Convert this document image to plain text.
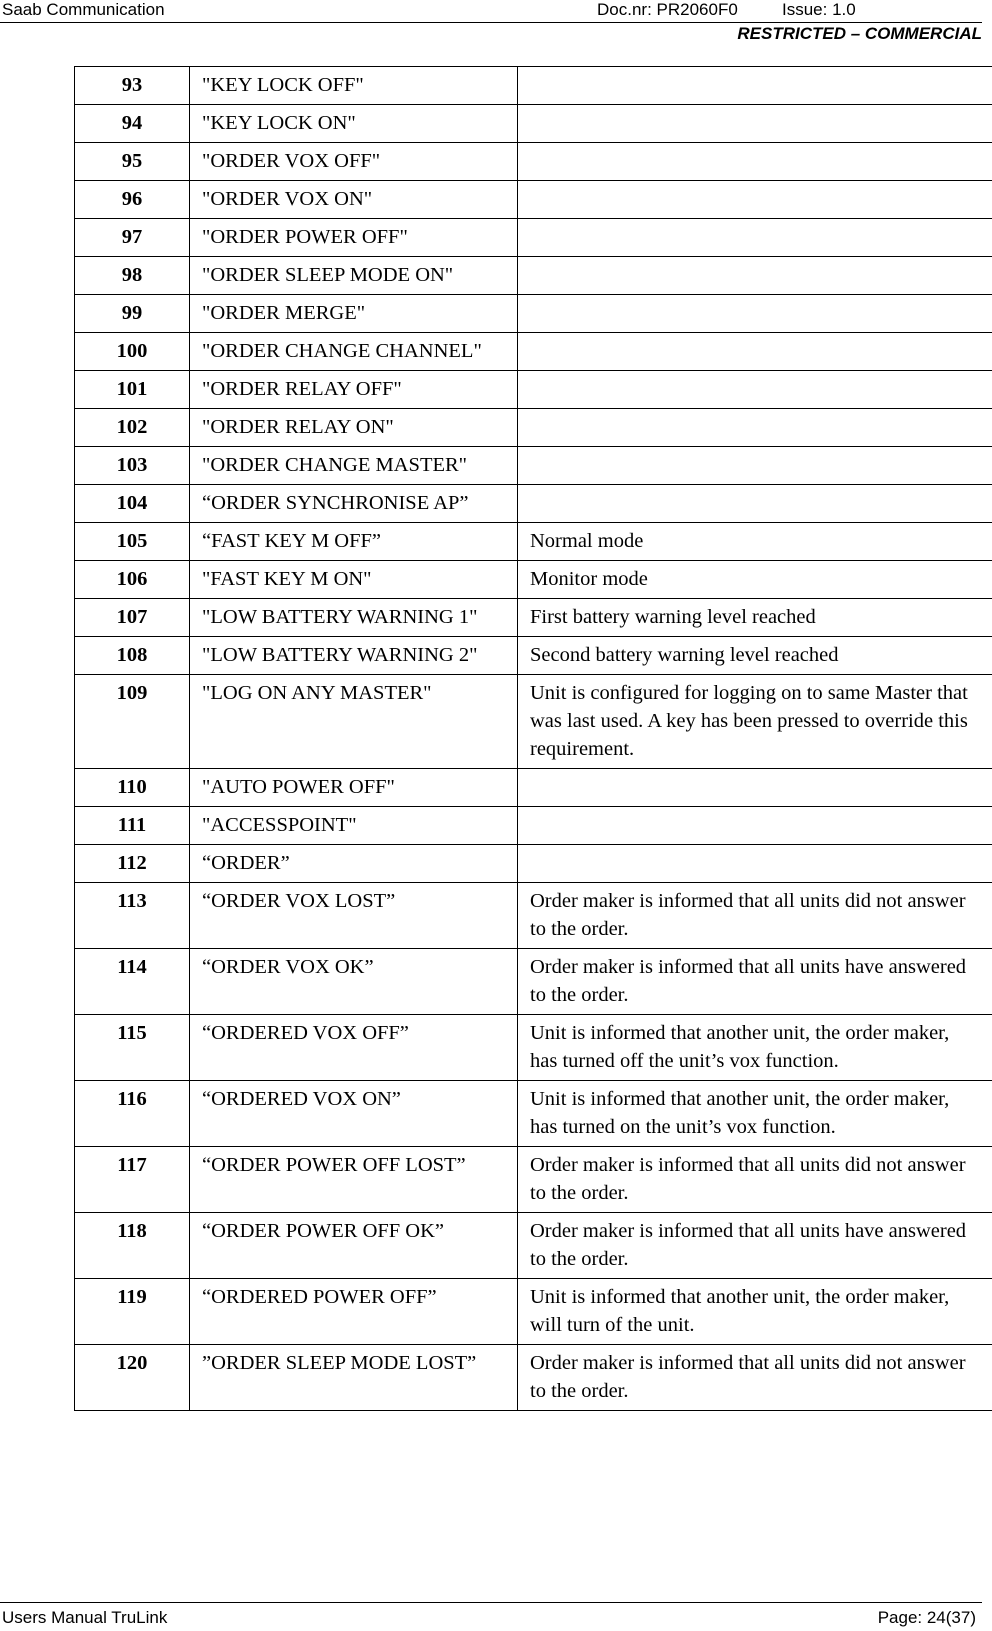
Saab Communication	Doc.nr: PR2060F0	Issue: 1.0
RESTRICTED – COMMERCIAL
93	"KEY LOCK OFF"	
94	"KEY LOCK ON"	
95	"ORDER VOX OFF"	
96	"ORDER VOX ON"	
97	"ORDER POWER OFF"	
98	"ORDER SLEEP MODE ON"	
99	"ORDER MERGE"	
100	"ORDER CHANGE CHANNEL"	
101	"ORDER RELAY OFF"	
102	"ORDER RELAY ON"	
103	"ORDER CHANGE MASTER"	
104	“ORDER SYNCHRONISE AP”	
105	“FAST KEY M OFF”	Normal mode
106	"FAST KEY M ON"	Monitor mode
107	"LOW BATTERY WARNING 1"	First battery warning level reached
108	"LOW BATTERY WARNING 2"	Second battery warning level reached
109	"LOG ON ANY MASTER"	Unit is configured for logging on to same Master that was last used. A key has been pressed to override this requirement.
110	"AUTO POWER OFF"	
111	"ACCESSPOINT"	
112	“ORDER”	
113	“ORDER VOX LOST”	Order maker is informed that all units did not answer to the order.
114	“ORDER VOX OK”	Order maker is informed that all units have answered to the order.
115	“ORDERED VOX OFF”	Unit is informed that another unit, the order maker, has turned off the unit’s vox function.
116	“ORDERED VOX ON”	Unit is informed that another unit, the order maker, has turned on the unit’s vox function.
117	“ORDER POWER OFF LOST”	Order maker is informed that all units did not answer to the order.
118	“ORDER POWER OFF OK”	Order maker is informed that all units have answered to the order.
119	“ORDERED POWER OFF”	Unit is informed that another unit, the order maker, will turn of the unit.
120	”ORDER SLEEP MODE LOST”	Order maker is informed that all units did not answer to the order.
Users Manual TruLink	Page: 24(37)
